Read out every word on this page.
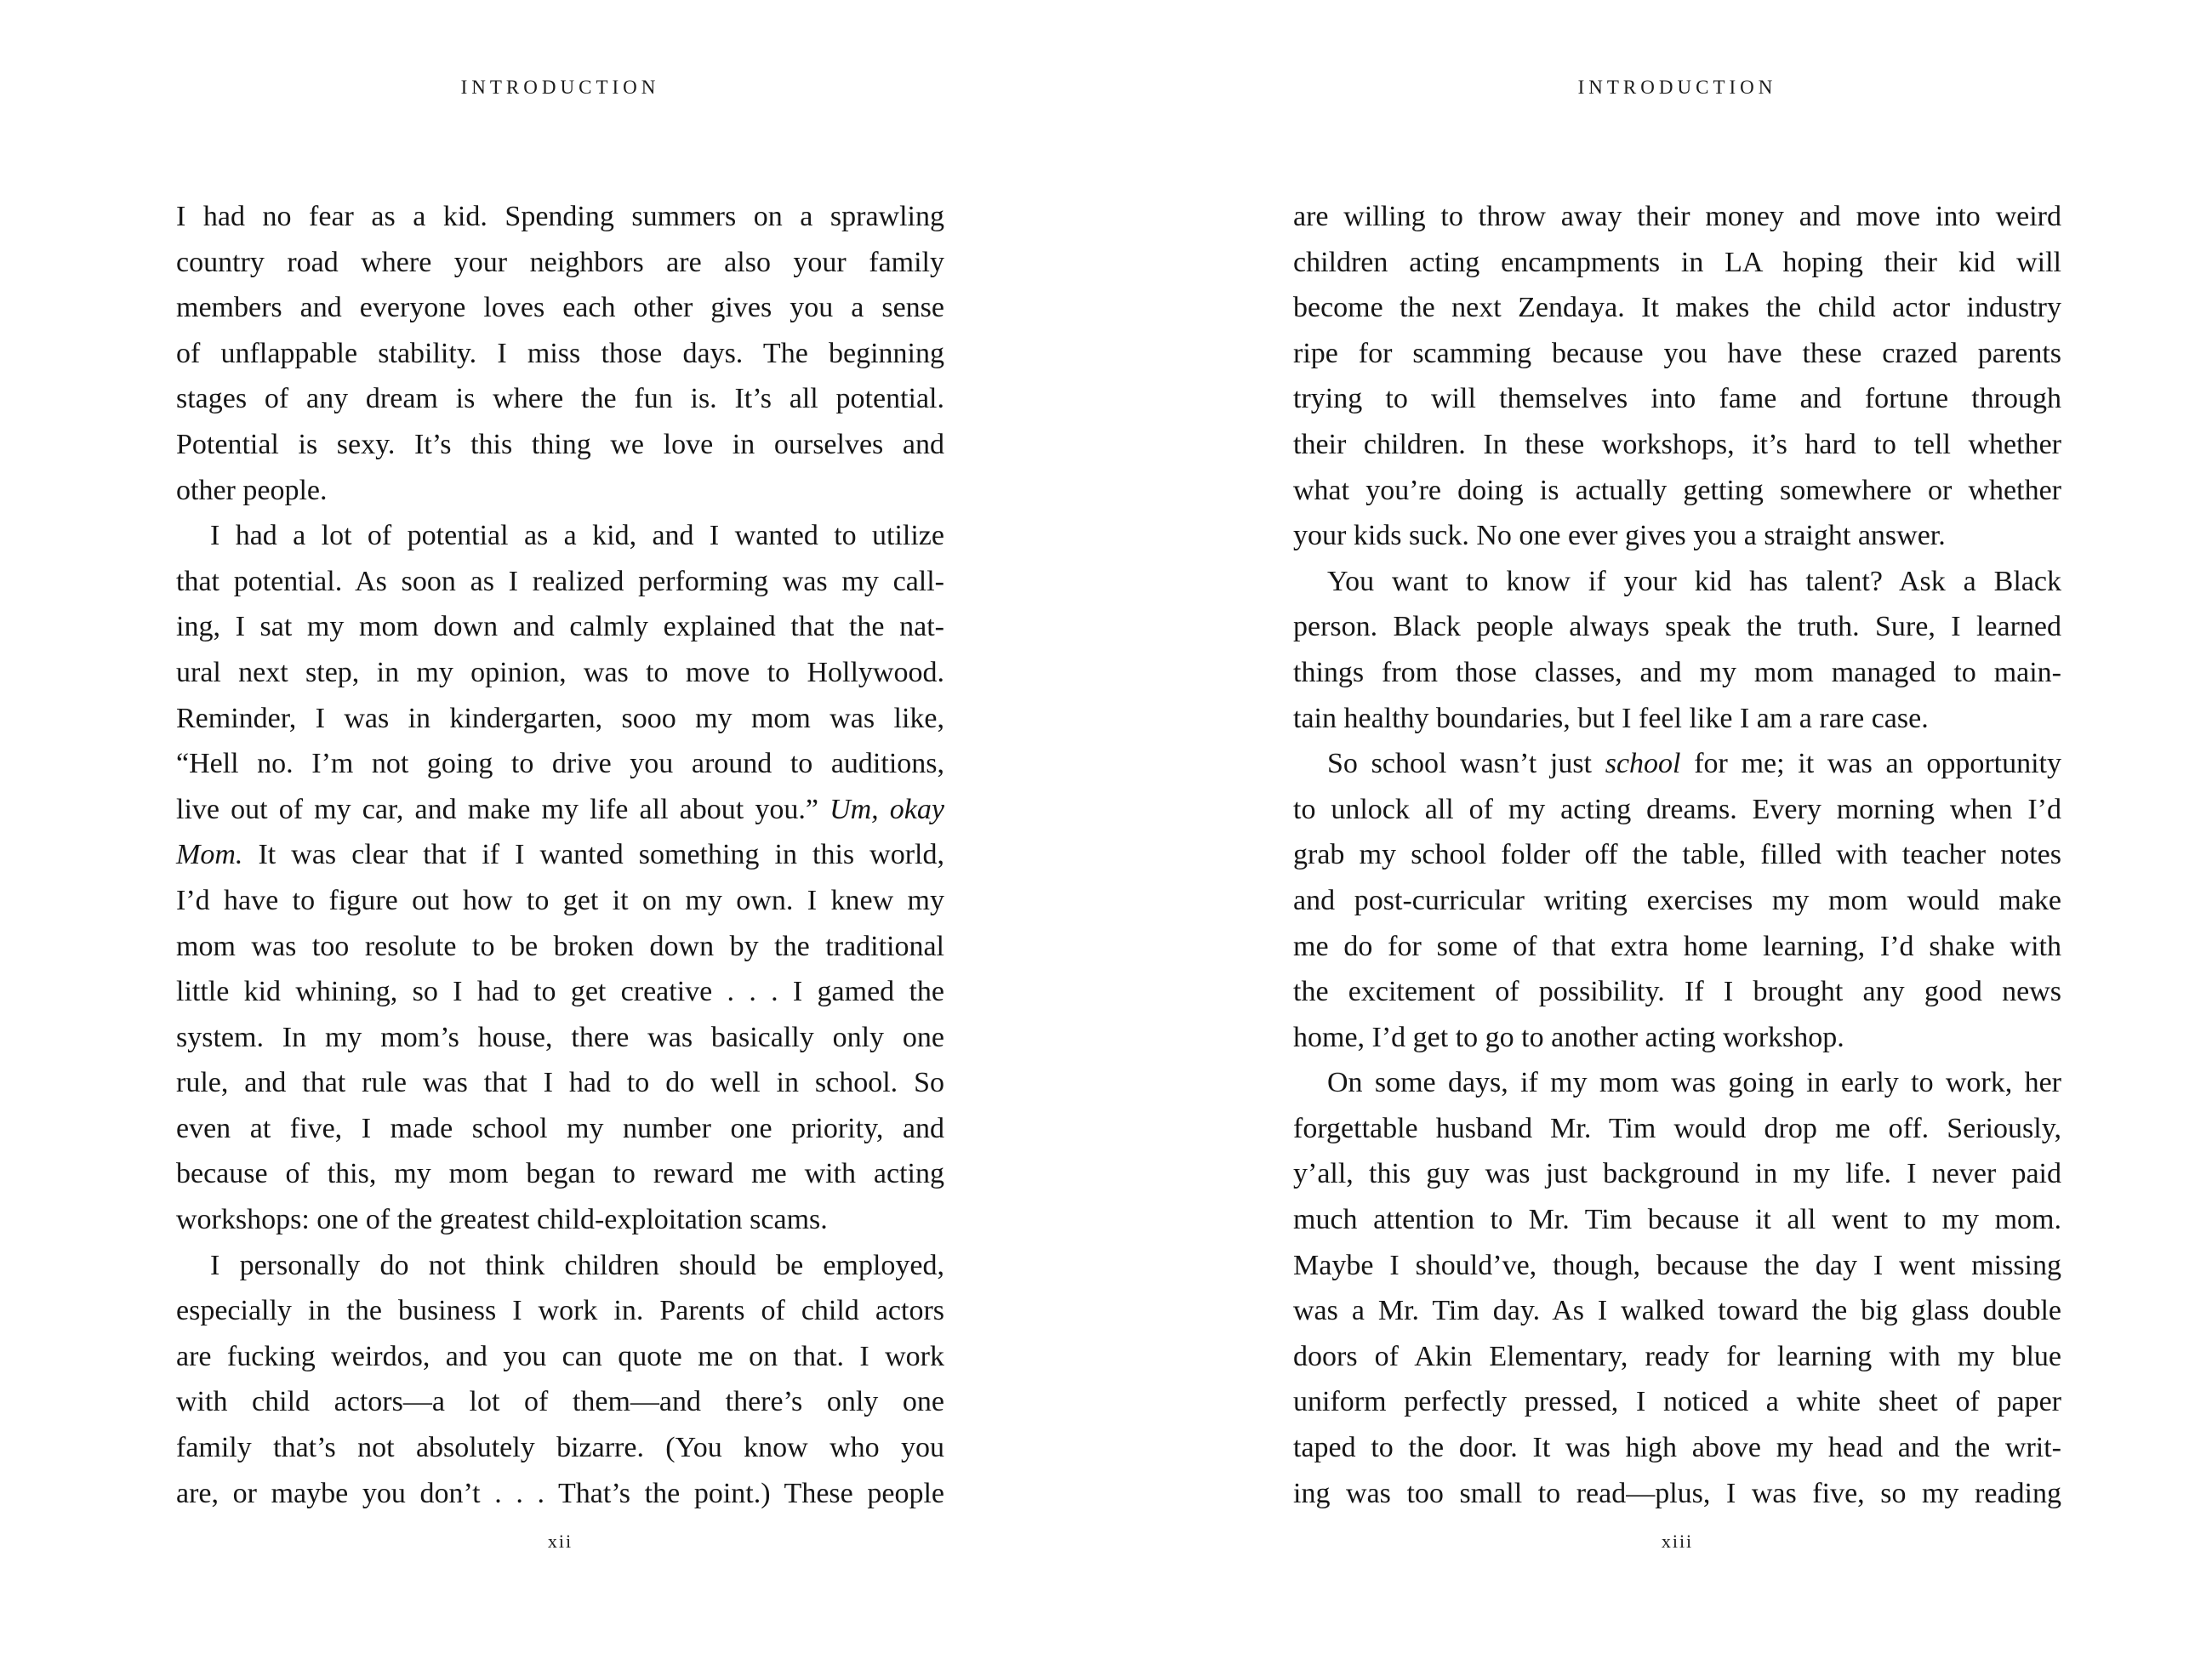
INTRODUCTION	INTRODUCTION
I had no fear as a kid. Spending summers on a sprawling
country road where your neighbors are also your family
members and everyone loves each other gives you a sense
of unflappable stability. I miss those days. The beginning
stages of any dream is where the fun is. It’s all potential.
Potential is sexy. It’s this thing we love in ourselves and
other people.
I had a lot of potential as a kid, and I wanted to utilize
that potential. As soon as I realized performing was my call-
ing, I sat my mom down and calmly explained that the nat-
ural next step, in my opinion, was to move to Hollywood.
Reminder, I was in kindergarten, sooo my mom was like,
“Hell no. I’m not going to drive you around to auditions,
live out of my car, and make my life all about you.” Um, okay
Mom. It was clear that if I wanted something in this world,
I’d have to figure out how to get it on my own. I knew my
mom was too resolute to be broken down by the traditional
little kid whining, so I had to get creative . . . I gamed the
system. In my mom’s house, there was basically only one
rule, and that rule was that I had to do well in school. So
even at five, I made school my number one priority, and
because of this, my mom began to reward me with acting
workshops: one of the greatest child-exploitation scams.
I personally do not think children should be employed,
especially in the business I work in. Parents of child actors
are fucking weirdos, and you can quote me on that. I work
with child actors—a lot of them—and there’s only one
family that’s not absolutely bizarre. (You know who you
are, or maybe you don’t . . . That’s the point.) These people
are willing to throw away their money and move into weird
children acting encampments in LA hoping their kid will
become the next Zendaya. It makes the child actor industry
ripe for scamming because you have these crazed parents
trying to will themselves into fame and fortune through
their children. In these workshops, it’s hard to tell whether
what you’re doing is actually getting somewhere or whether
your kids suck. No one ever gives you a straight answer.
You want to know if your kid has talent? Ask a Black
person. Black people always speak the truth. Sure, I learned
things from those classes, and my mom managed to main-
tain healthy boundaries, but I feel like I am a rare case.
So school wasn’t just school for me; it was an opportunity
to unlock all of my acting dreams. Every morning when I’d
grab my school folder off the table, filled with teacher notes
and post-curricular writing exercises my mom would make
me do for some of that extra home learning, I’d shake with
the excitement of possibility. If I brought any good news
home, I’d get to go to another acting workshop.
On some days, if my mom was going in early to work, her
forgettable husband Mr. Tim would drop me off. Seriously,
y’all, this guy was just background in my life. I never paid
much attention to Mr. Tim because it all went to my mom.
Maybe I should’ve, though, because the day I went missing
was a Mr. Tim day. As I walked toward the big glass double
doors of Akin Elementary, ready for learning with my blue
uniform perfectly pressed, I noticed a white sheet of paper
taped to the door. It was high above my head and the writ-
ing was too small to read—plus, I was five, so my reading
xii	xiii
